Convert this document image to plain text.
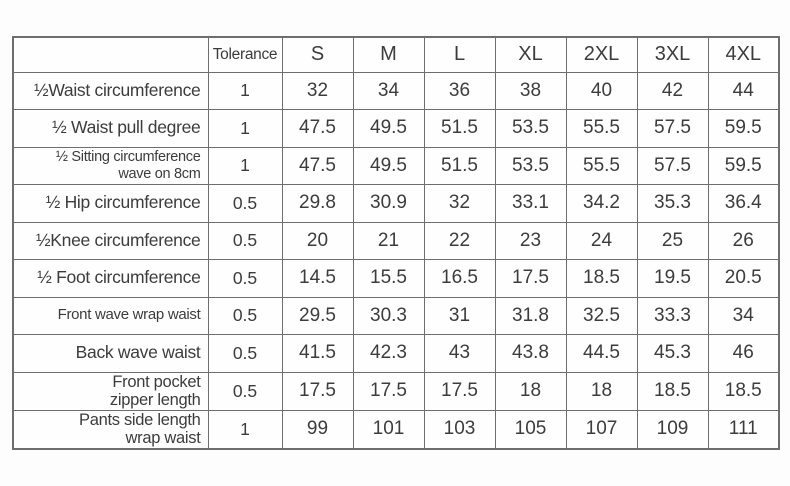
	Tolerance	S	M	L	XL	2XL	3XL	4XL

½Waist circumference	1	32	34	36	38	40	42	44

½ Waist pull degree	1	47.5	49.5	51.5	53.5	55.5	57.5	59.5

½ Sitting circumference
wave on 8cm	1	47.5	49.5	51.5	53.5	55.5	57.5	59.5

½ Hip circumference	0.5	29.8	30.9	32	33.1	34.2	35.3	36.4

½Knee circumference	0.5	20	21	22	23	24	25	26

½ Foot circumference	0.5	14.5	15.5	16.5	17.5	18.5	19.5	20.5

Front wave wrap waist	0.5	29.5	30.3	31	31.8	32.5	33.3	34

Back wave waist	0.5	41.5	42.3	43	43.8	44.5	45.3	46

Front pocket
zipper length	0.5	17.5	17.5	17.5	18	18	18.5	18.5

Pants side length
wrap waist	1	99	101	103	105	107	109	111
